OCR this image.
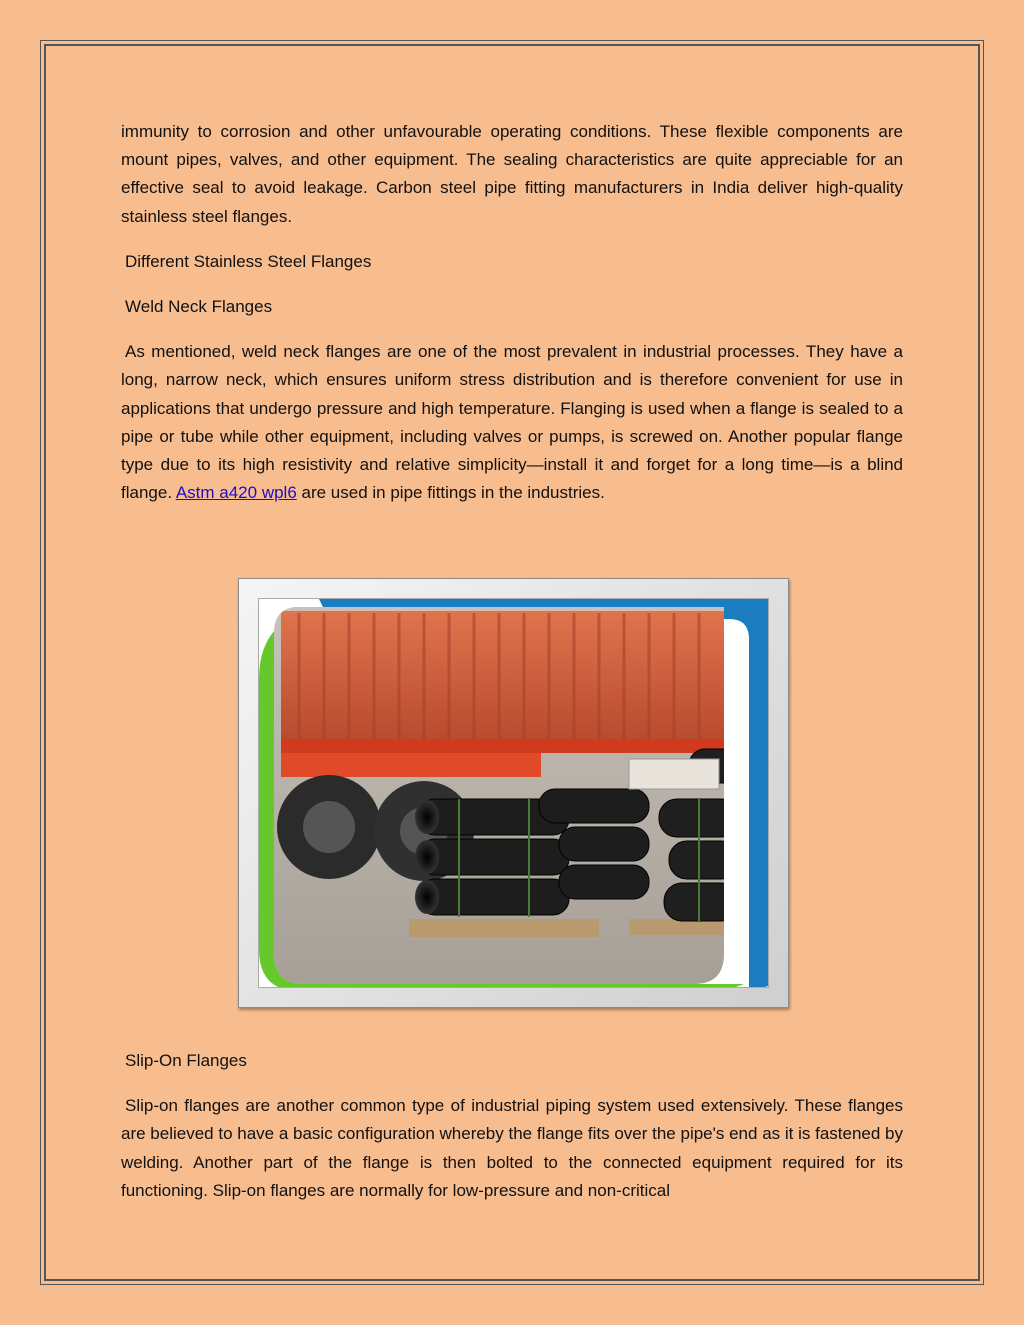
immunity to corrosion and other unfavourable operating conditions. These flexible components are mount pipes, valves, and other equipment. The sealing characteristics are quite appreciable for an effective seal to avoid leakage. Carbon steel pipe fitting manufacturers in India deliver high-quality stainless steel flanges.

Different Stainless Steel Flanges

Weld Neck Flanges

As mentioned, weld neck flanges are one of the most prevalent in industrial processes. They have a long, narrow neck, which ensures uniform stress distribution and is therefore convenient for use in applications that undergo pressure and high temperature. Flanging is used when a flange is sealed to a pipe or tube while other equipment, including valves or pumps, is screwed on. Another popular flange type due to its high resistivity and relative simplicity—install it and forget for a long time—is a blind flange. Astm a420 wpl6 are used in pipe fittings in the industries.

Slip-On Flanges

Slip-on flanges are another common type of industrial piping system used extensively. These flanges are believed to have a basic configuration whereby the flange fits over the pipe's end as it is fastened by welding. Another part of the flange is then bolted to the connected equipment required for its functioning. Slip-on flanges are normally for low-pressure and non-critical
